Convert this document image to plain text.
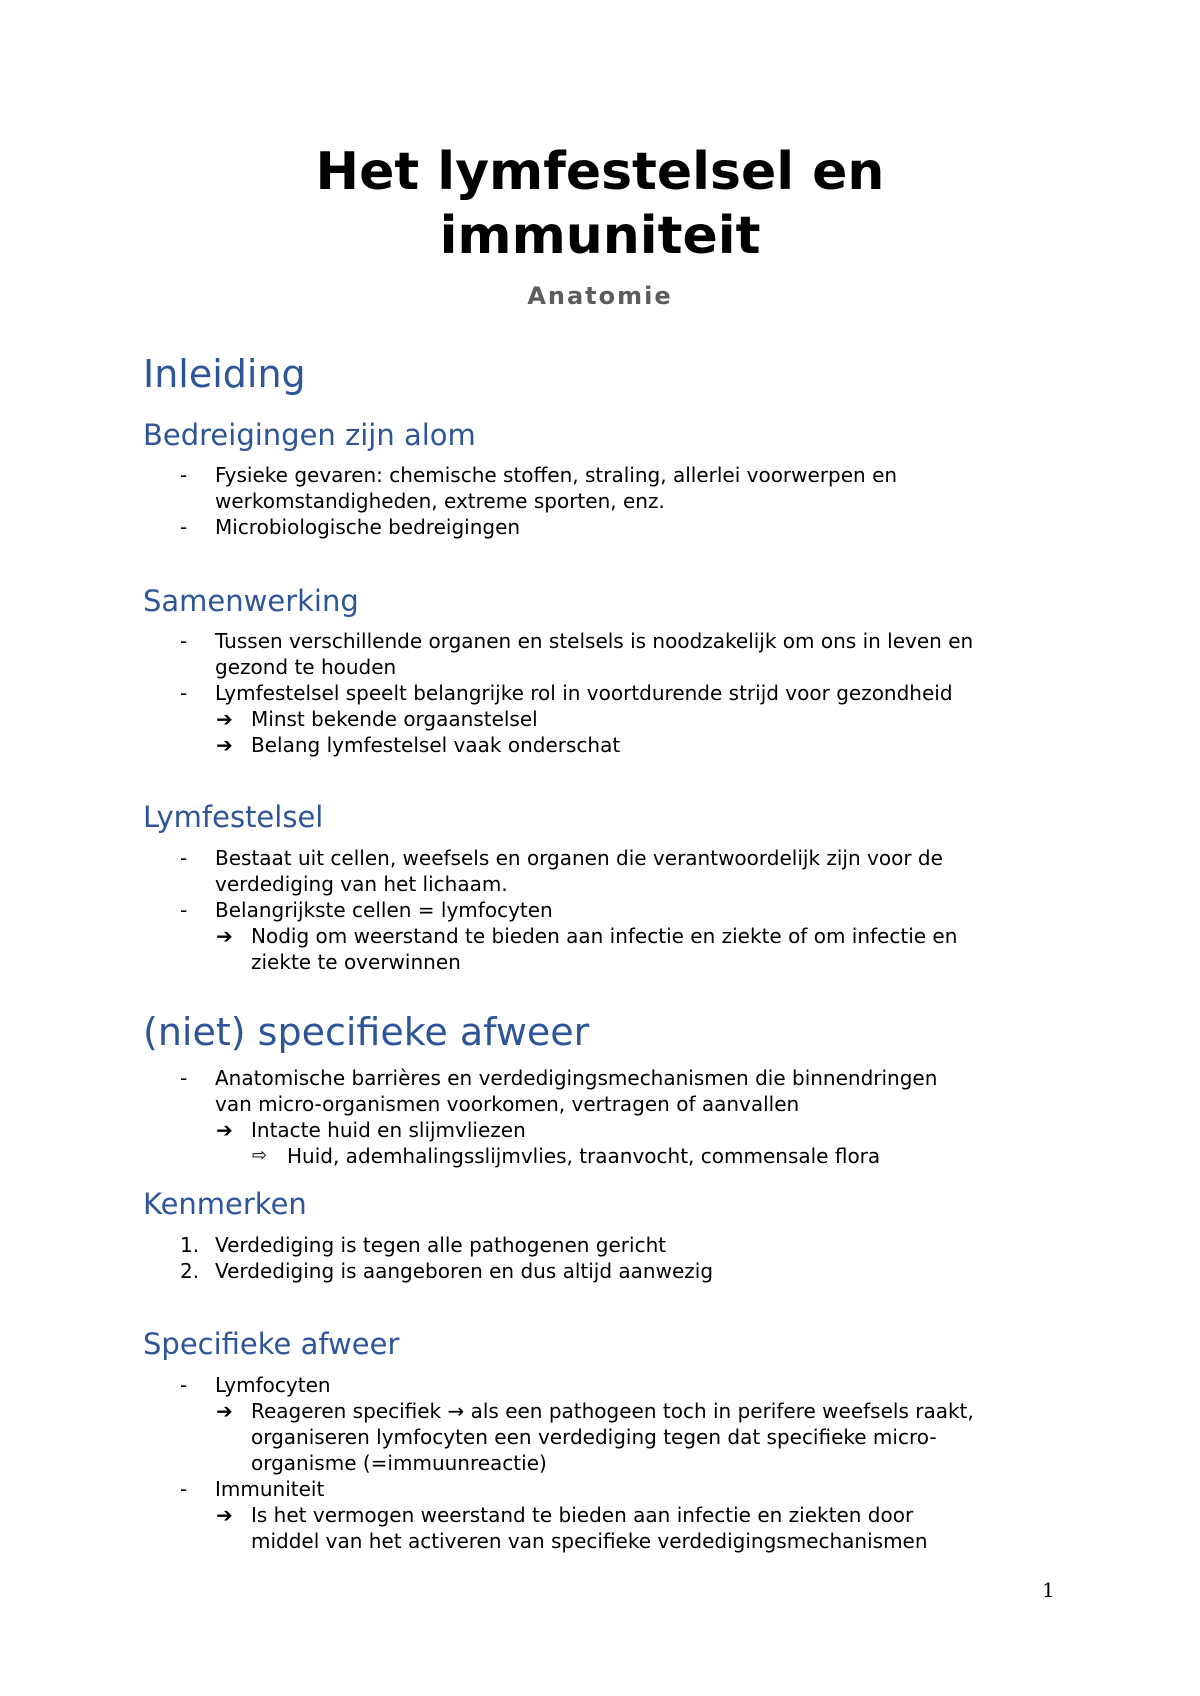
Het lymfestelsel en
immuniteit
Anatomie
Inleiding
Bedreigingen zijn alom
- Fysieke gevaren: chemische stoffen, straling, allerlei voorwerpen en
werkomstandigheden, extreme sporten, enz.
- Microbiologische bedreigingen
Samenwerking
- Tussen verschillende organen en stelsels is noodzakelijk om ons in leven en
gezond te houden
- Lymfestelsel speelt belangrijke rol in voortdurende strijd voor gezondheid
➔ Minst bekende orgaanstelsel
➔ Belang lymfestelsel vaak onderschat
Lymfestelsel
- Bestaat uit cellen, weefsels en organen die verantwoordelijk zijn voor de
verdediging van het lichaam.
- Belangrijkste cellen = lymfocyten
➔ Nodig om weerstand te bieden aan infectie en ziekte of om infectie en
ziekte te overwinnen
(niet) specifieke afweer
- Anatomische barrières en verdedigingsmechanismen die binnendringen
van micro-organismen voorkomen, vertragen of aanvallen
➔ Intacte huid en slijmvliezen
⇨ Huid, ademhalingsslijmvlies, traanvocht, commensale flora
Kenmerken
1. Verdediging is tegen alle pathogenen gericht
2. Verdediging is aangeboren en dus altijd aanwezig
Specifieke afweer
- Lymfocyten
➔ Reageren specifiek → als een pathogeen toch in perifere weefsels raakt,
organiseren lymfocyten een verdediging tegen dat specifieke micro-
organisme (=immuunreactie)
- Immuniteit
➔ Is het vermogen weerstand te bieden aan infectie en ziekten door
middel van het activeren van specifieke verdedigingsmechanismen
1
